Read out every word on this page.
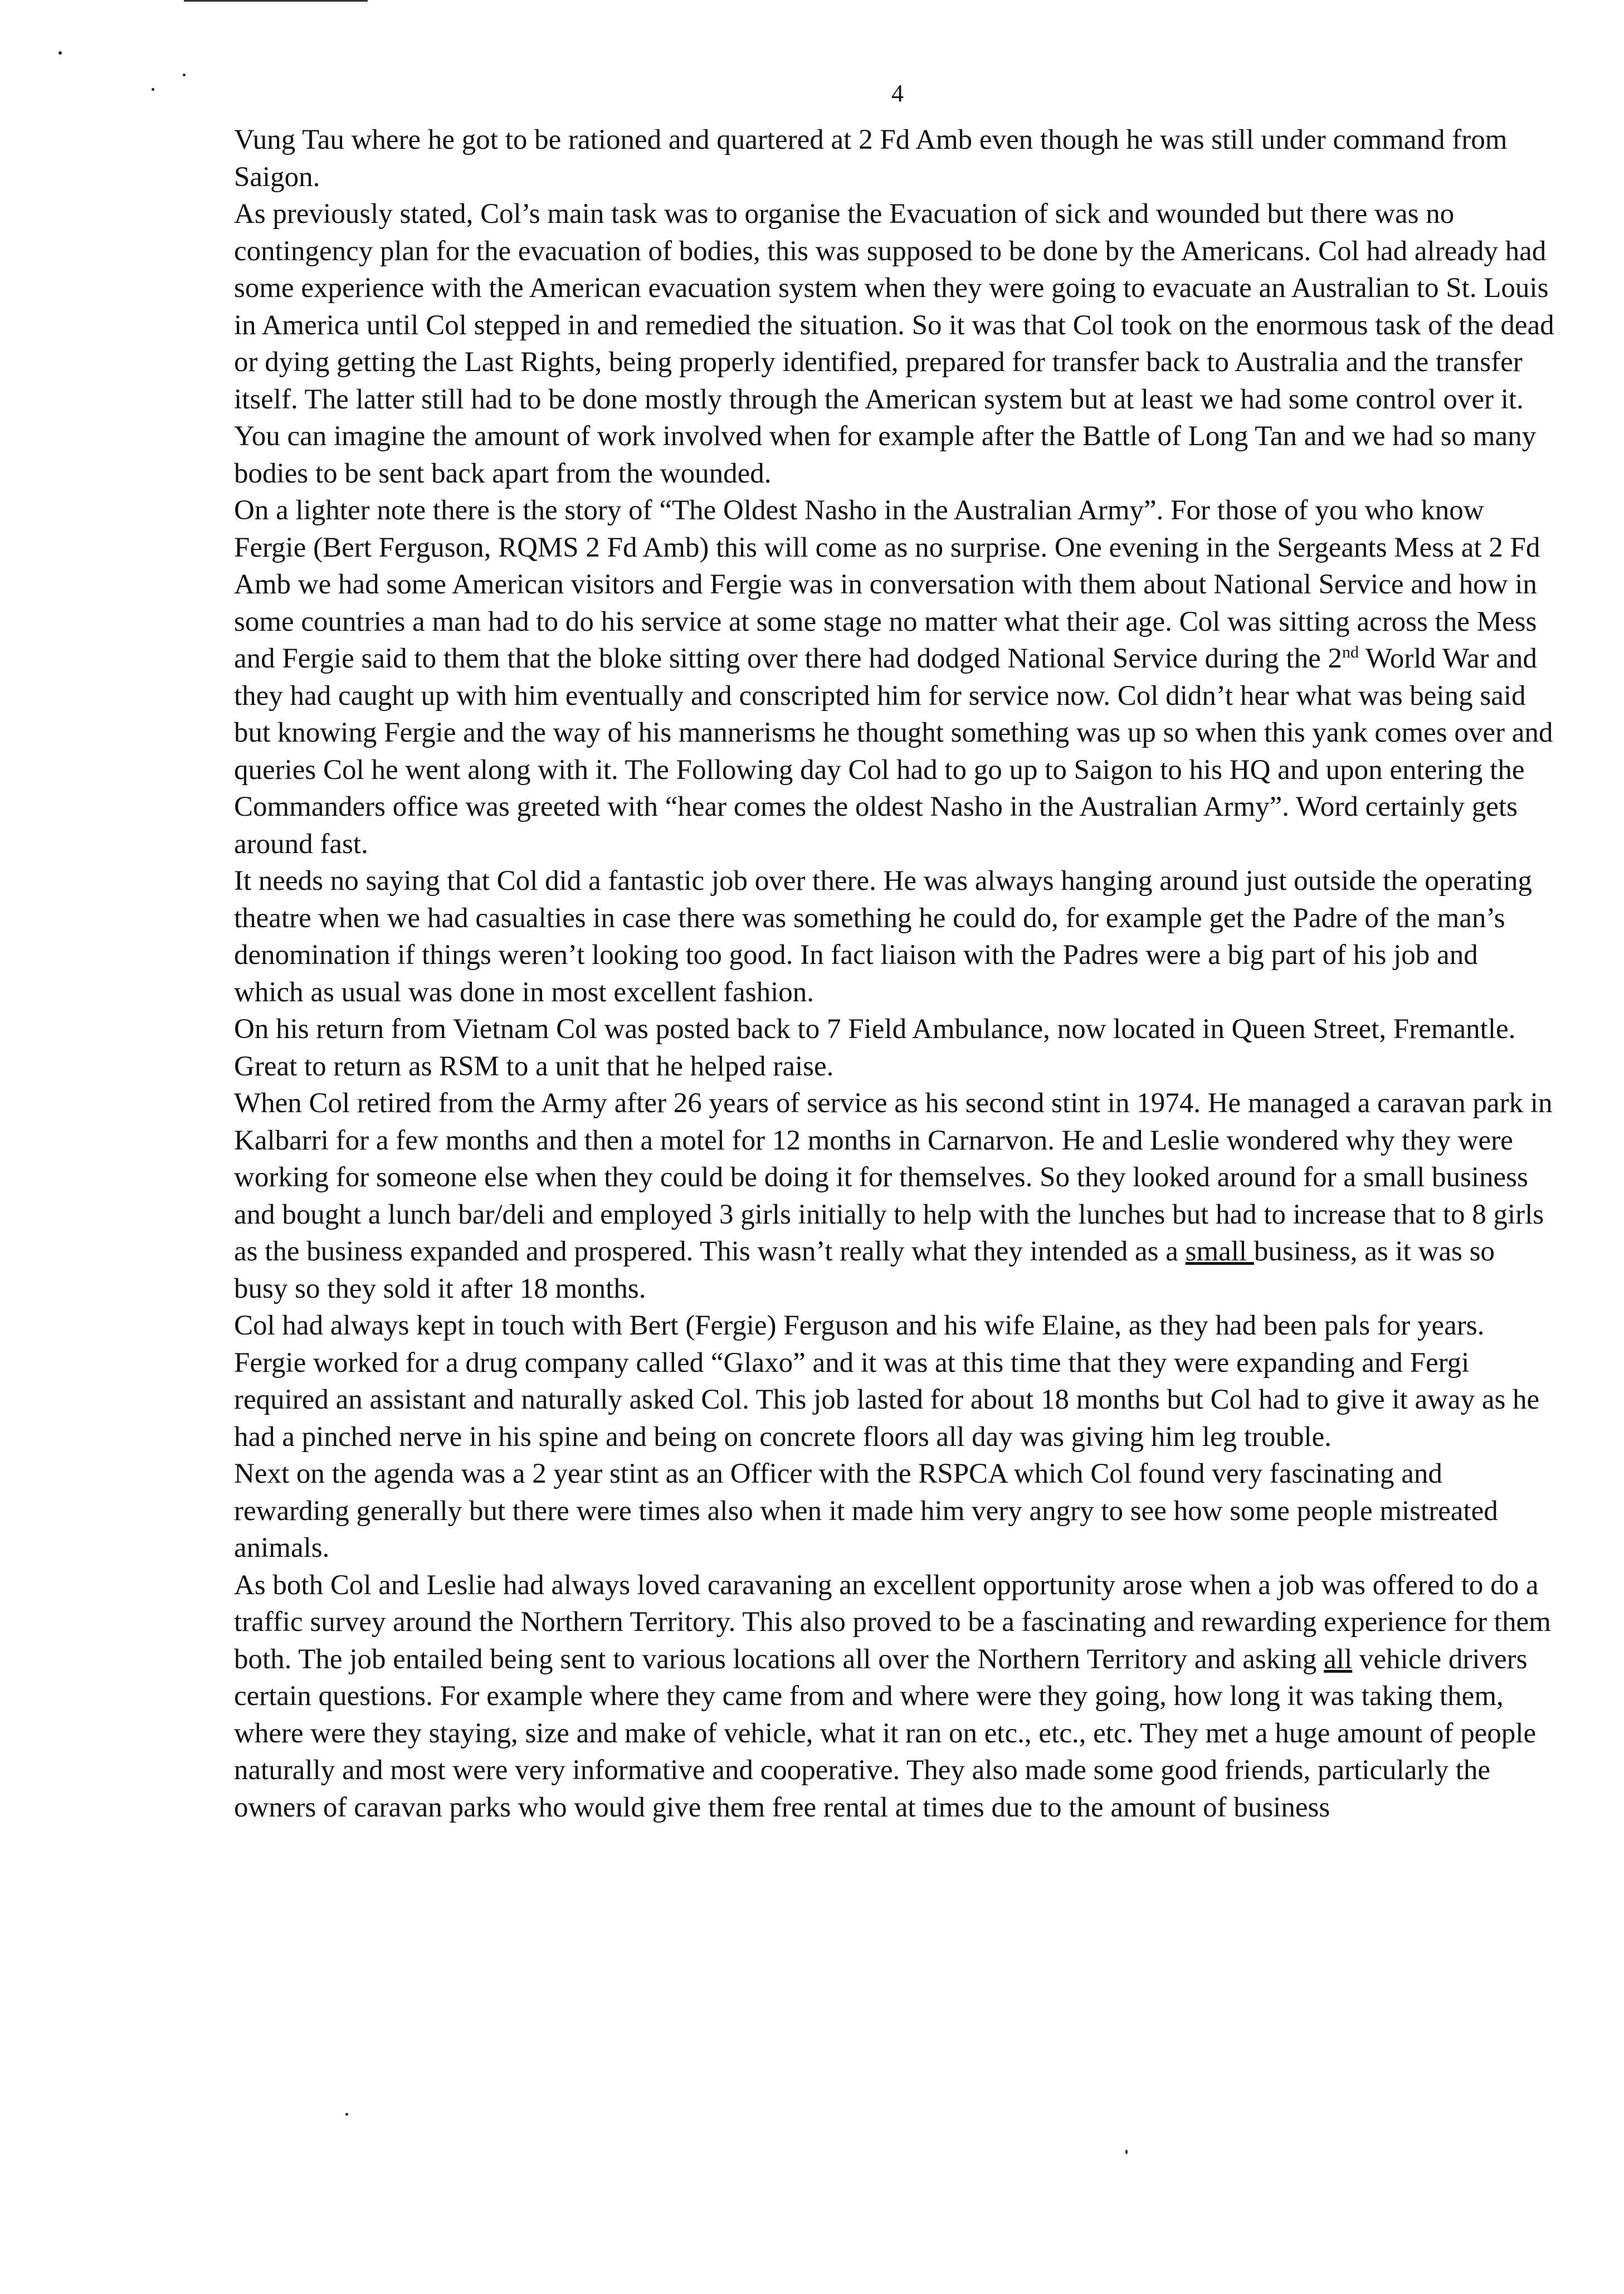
4

Vung Tau where he got to be rationed and quartered at 2 Fd Amb even though he was still under command from Saigon.

As previously stated, Col’s main task was to organise the Evacuation of sick and wounded but there was no contingency plan for the evacuation of bodies, this was supposed to be done by the Americans. Col had already had some experience with the American evacuation system when they were going to evacuate an Australian to St. Louis in America until Col stepped in and remedied the situation. So it was that Col took on the enormous task of the dead or dying getting the Last Rights, being properly identified, prepared for transfer back to Australia and the transfer itself. The latter still had to be done mostly through the American system but at least we had some control over it. You can imagine the amount of work involved when for example after the Battle of Long Tan and we had so many bodies to be sent back apart from the wounded.

On a lighter note there is the story of “The Oldest Nasho in the Australian Army”. For those of you who know Fergie (Bert Ferguson, RQMS 2 Fd Amb) this will come as no surprise. One evening in the Sergeants Mess at 2 Fd Amb we had some American visitors and Fergie was in conversation with them about National Service and how in some countries a man had to do his service at some stage no matter what their age. Col was sitting across the Mess and Fergie said to them that the bloke sitting over there had dodged National Service during the 2nd World War and they had caught up with him eventually and conscripted him for service now. Col didn’t hear what was being said but knowing Fergie and the way of his mannerisms he thought something was up so when this yank comes over and queries Col he went along with it. The Following day Col had to go up to Saigon to his HQ and upon entering the Commanders office was greeted with “hear comes the oldest Nasho in the Australian Army”. Word certainly gets around fast.

It needs no saying that Col did a fantastic job over there. He was always hanging around just outside the operating theatre when we had casualties in case there was something he could do, for example get the Padre of the man’s denomination if things weren’t looking too good. In fact liaison with the Padres were a big part of his job and which as usual was done in most excellent fashion.

On his return from Vietnam Col was posted back to 7 Field Ambulance, now located in Queen Street, Fremantle. Great to return as RSM to a unit that he helped raise.

When Col retired from the Army after 26 years of service as his second stint in 1974. He managed a caravan park in Kalbarri for a few months and then a motel for 12 months in Carnarvon. He and Leslie wondered why they were working for someone else when they could be doing it for themselves. So they looked around for a small business and bought a lunch bar/deli and employed 3 girls initially to help with the lunches but had to increase that to 8 girls as the business expanded and prospered. This wasn’t really what they intended as a small business, as it was so busy so they sold it after 18 months.

Col had always kept in touch with Bert (Fergie) Ferguson and his wife Elaine, as they had been pals for years. Fergie worked for a drug company called “Glaxo” and it was at this time that they were expanding and Fergi required an assistant and naturally asked Col. This job lasted for about 18 months but Col had to give it away as he had a pinched nerve in his spine and being on concrete floors all day was giving him leg trouble.

Next on the agenda was a 2 year stint as an Officer with the RSPCA which Col found very fascinating and rewarding generally but there were times also when it made him very angry to see how some people mistreated animals.

As both Col and Leslie had always loved caravaning an excellent opportunity arose when a job was offered to do a traffic survey around the Northern Territory. This also proved to be a fascinating and rewarding experience for them both. The job entailed being sent to various locations all over the Northern Territory and asking all vehicle drivers certain questions. For example where they came from and where were they going, how long it was taking them, where were they staying, size and make of vehicle, what it ran on etc., etc., etc. They met a huge amount of people naturally and most were very informative and cooperative. They also made some good friends, particularly the owners of caravan parks who would give them free rental at times due to the amount of business
